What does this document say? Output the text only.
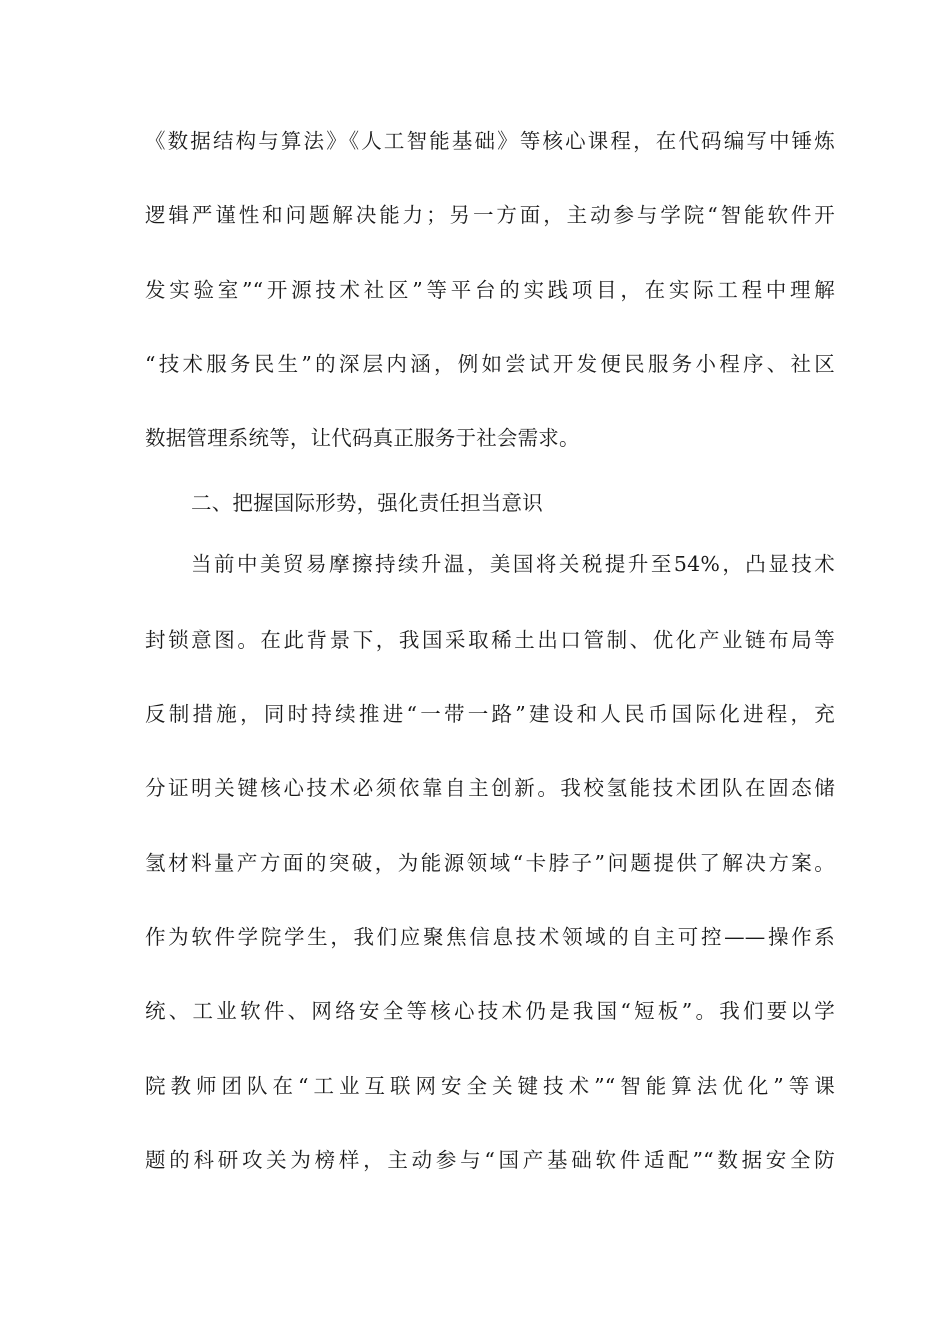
《数据结构与算法》《人工智能基础》等核心课程，在代码编写中锤炼
逻辑严谨性和问题解决能力；另一方面，主动参与学院“智能软件开
发实验室”“开源技术社区”等平台的实践项目，在实际工程中理解
“技术服务民生”的深层内涵，例如尝试开发便民服务小程序、社区
数据管理系统等，让代码真正服务于社会需求。
二、把握国际形势，强化责任担当意识
当前中美贸易摩擦持续升温，美国将关税提升至54%，凸显技术
封锁意图。在此背景下，我国采取稀土出口管制、优化产业链布局等
反制措施，同时持续推进“一带一路”建设和人民币国际化进程，充
分证明关键核心技术必须依靠自主创新。我校氢能技术团队在固态储
氢材料量产方面的突破，为能源领域“卡脖子”问题提供了解决方案。
作为软件学院学生，我们应聚焦信息技术领域的自主可控——操作系
统、工业软件、网络安全等核心技术仍是我国“短板”。我们要以学
院教师团队在“工业互联网安全关键技术”“智能算法优化”等课
题的科研攻关为榜样，主动参与“国产基础软件适配”“数据安全防
